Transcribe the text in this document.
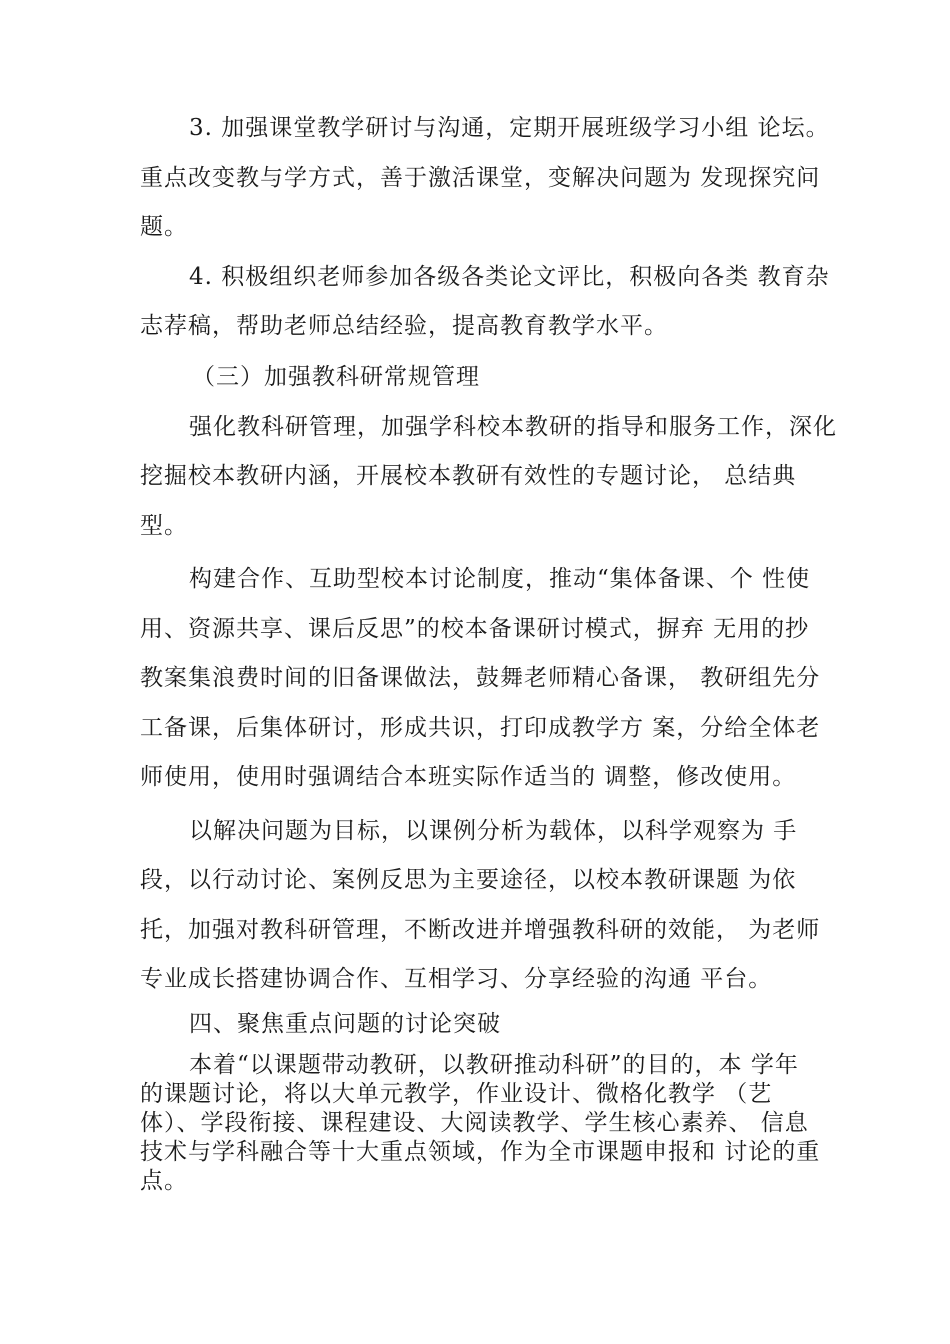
3. 加强课堂教学研讨与沟通，定期开展班级学习小组 论坛。
重点改变教与学方式，善于激活课堂，变解决问题为 发现探究问
题。
4. 积极组织老师参加各级各类论文评比，积极向各类 教育杂
志荐稿，帮助老师总结经验，提高教育教学水平。
（三）加强教科研常规管理
强化教科研管理，加强学科校本教研的指导和服务工作，深化
挖掘校本教研内涵，开展校本教研有效性的专题讨论， 总结典
型。
构建合作、互助型校本讨论制度，推动“集体备课、个 性使
用、资源共享、课后反思”的校本备课研讨模式，摒弃 无用的抄
教案集浪费时间的旧备课做法，鼓舞老师精心备课， 教研组先分
工备课，后集体研讨，形成共识，打印成教学方 案，分给全体老
师使用，使用时强调结合本班实际作适当的 调整，修改使用。
以解决问题为目标，以课例分析为载体，以科学观察为 手
段，以行动讨论、案例反思为主要途径，以校本教研课题 为依
托，加强对教科研管理，不断改进并增强教科研的效能， 为老师
专业成长搭建协调合作、互相学习、分享经验的沟通 平台。
四、聚焦重点问题的讨论突破
本着“以课题带动教研，以教研推动科研”的目的，本 学年
的课题讨论，将以大单元教学，作业设计、微格化教学 （艺
体）、学段衔接、课程建设、大阅读教学、学生核心素养、 信息
技术与学科融合等十大重点领域，作为全市课题申报和 讨论的重
点。
